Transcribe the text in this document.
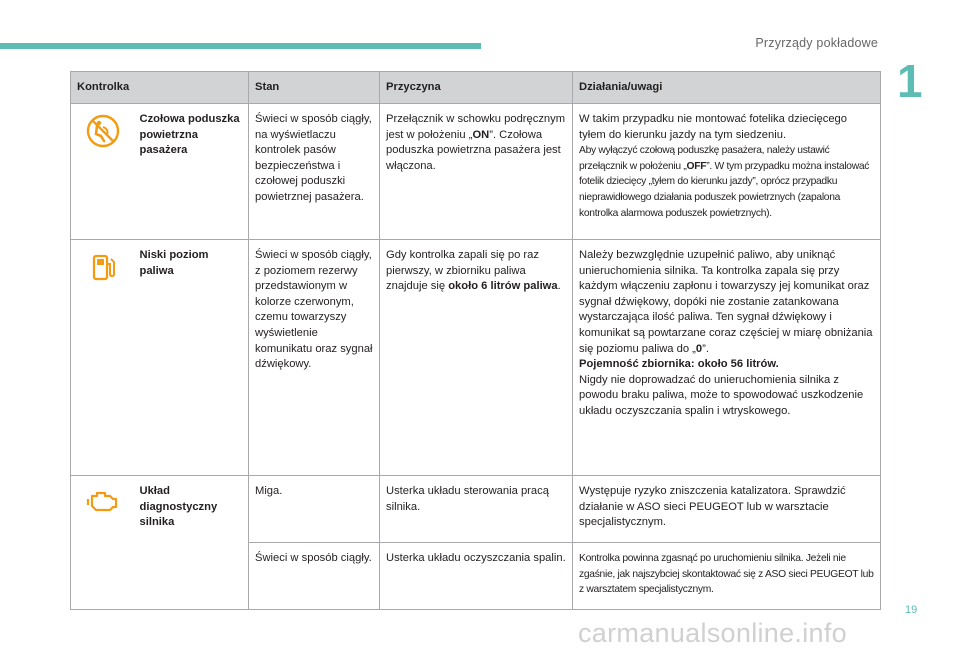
Przyrządy pokładowe
1
Kontrolka		Stan	Przyczyna	Działania/uwagi
	Czołowa poduszka powietrzna pasażera	Świeci w sposób ciągły, na wyświetlaczu kontrolek pasów bezpieczeństwa i czołowej poduszki powietrznej pasażera.	Przełącznik w schowku podręcznym jest w położeniu „ON”. Czołowa poduszka powietrzna pasażera jest włączona.	W takim przypadku nie montować fotelika dziecięcego tyłem do kierunku jazdy na tym siedzeniu.
Aby wyłączyć czołową poduszkę pasażera, należy ustawić przełącznik w położeniu „OFF”. W tym przypadku można instalować fotelik dziecięcy „tyłem do kierunku jazdy”, oprócz przypadku nieprawidłowego działania poduszek powietrznych (zapalona kontrolka alarmowa poduszek powietrznych).
	Niski poziom paliwa	Świeci w sposób ciągły, z poziomem rezerwy przedstawionym w kolorze czerwonym, czemu towarzyszy wyświetlenie komunikatu oraz sygnał dźwiękowy.	Gdy kontrolka zapali się po raz pierwszy, w zbiorniku paliwa znajduje się około 6 litrów paliwa.	Należy bezwzględnie uzupełnić paliwo, aby uniknąć unieruchomienia silnika. Ta kontrolka zapala się przy każdym włączeniu zapłonu i towarzyszy jej komunikat oraz sygnał dźwiękowy, dopóki nie zostanie zatankowana wystarczająca ilość paliwa. Ten sygnał dźwiękowy i komunikat są powtarzane coraz częściej w miarę obniżania się poziomu paliwa do „0”.
Pojemność zbiornika: około 56 litrów.
Nigdy nie doprowadzać do unieruchomienia silnika z powodu braku paliwa, może to spowodować uszkodzenie układu oczyszczania spalin i wtryskowego.
	Układ diagnostyczny silnika	Miga.	Usterka układu sterowania pracą silnika.	Występuje ryzyko zniszczenia katalizatora. Sprawdzić działanie w ASO sieci PEUGEOT lub w warsztacie specjalistycznym.
		Świeci w sposób ciągły.	Usterka układu oczyszczania spalin.	Kontrolka powinna zgasnąć po uruchomieniu silnika. Jeżeli nie zgaśnie, jak najszybciej skontaktować się z ASO sieci PEUGEOT lub z warsztatem specjalistycznym.
19
carmanualsonline.info
